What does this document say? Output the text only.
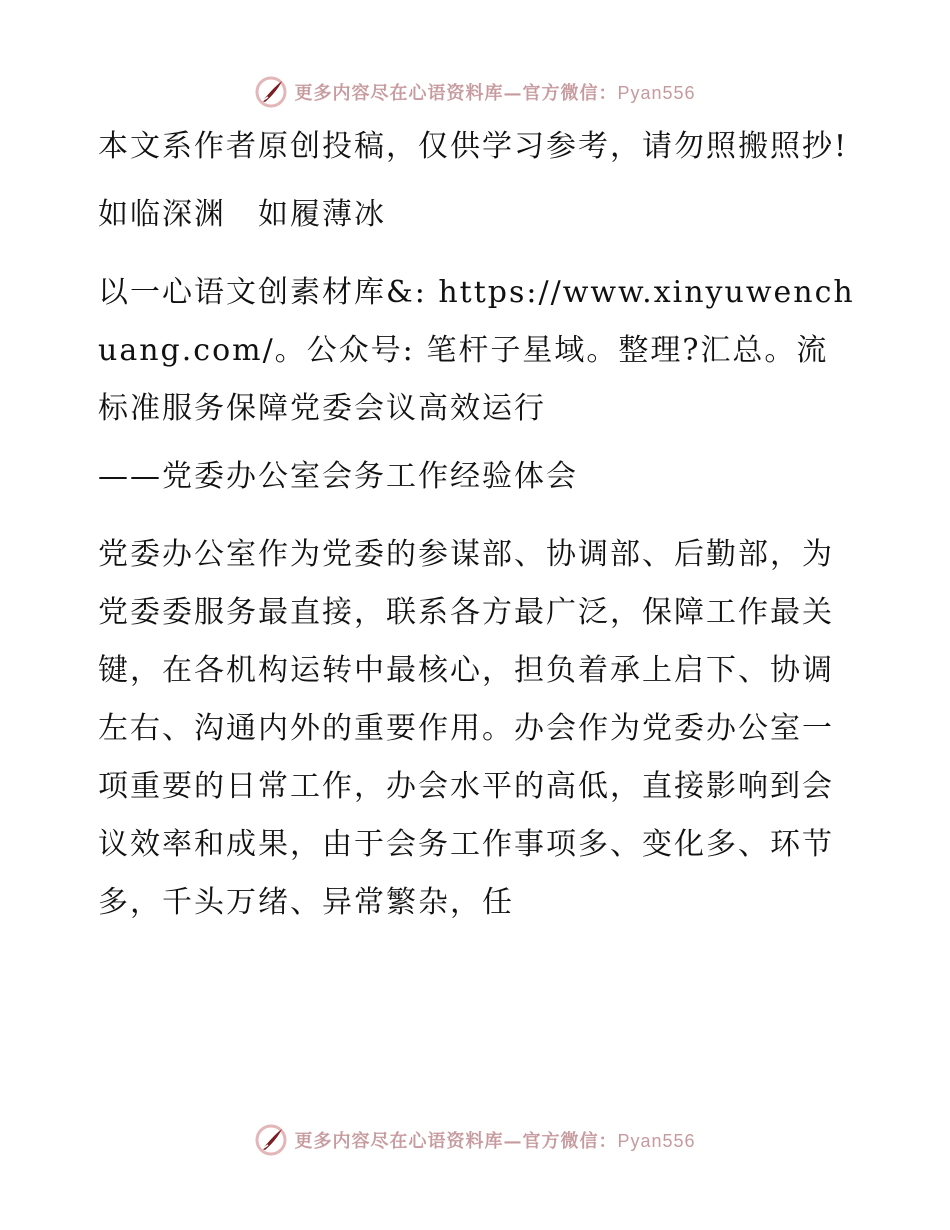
更多内容尽在心语资料库—官方微信：Pyan556

本文系作者原创投稿，仅供学习参考，请勿照搬照抄!

如临深渊　如履薄冰

以一心语文创素材库&: https://www.xinyuwenchuang.com/。公众号: 笔杆子星域。整理?汇总。流标准服务保障党委会议高效运行

——党委办公室会务工作经验体会

党委办公室作为党委的参谋部、协调部、后勤部，为党委委服务最直接，联系各方最广泛，保障工作最关键，在各机构运转中最核心，担负着承上启下、协调左右、沟通内外的重要作用。办会作为党委办公室一项重要的日常工作，办会水平的高低，直接影响到会议效率和成果，由于会务工作事项多、变化多、环节多，千头万绪、异常繁杂，任

更多内容尽在心语资料库—官方微信：Pyan556
